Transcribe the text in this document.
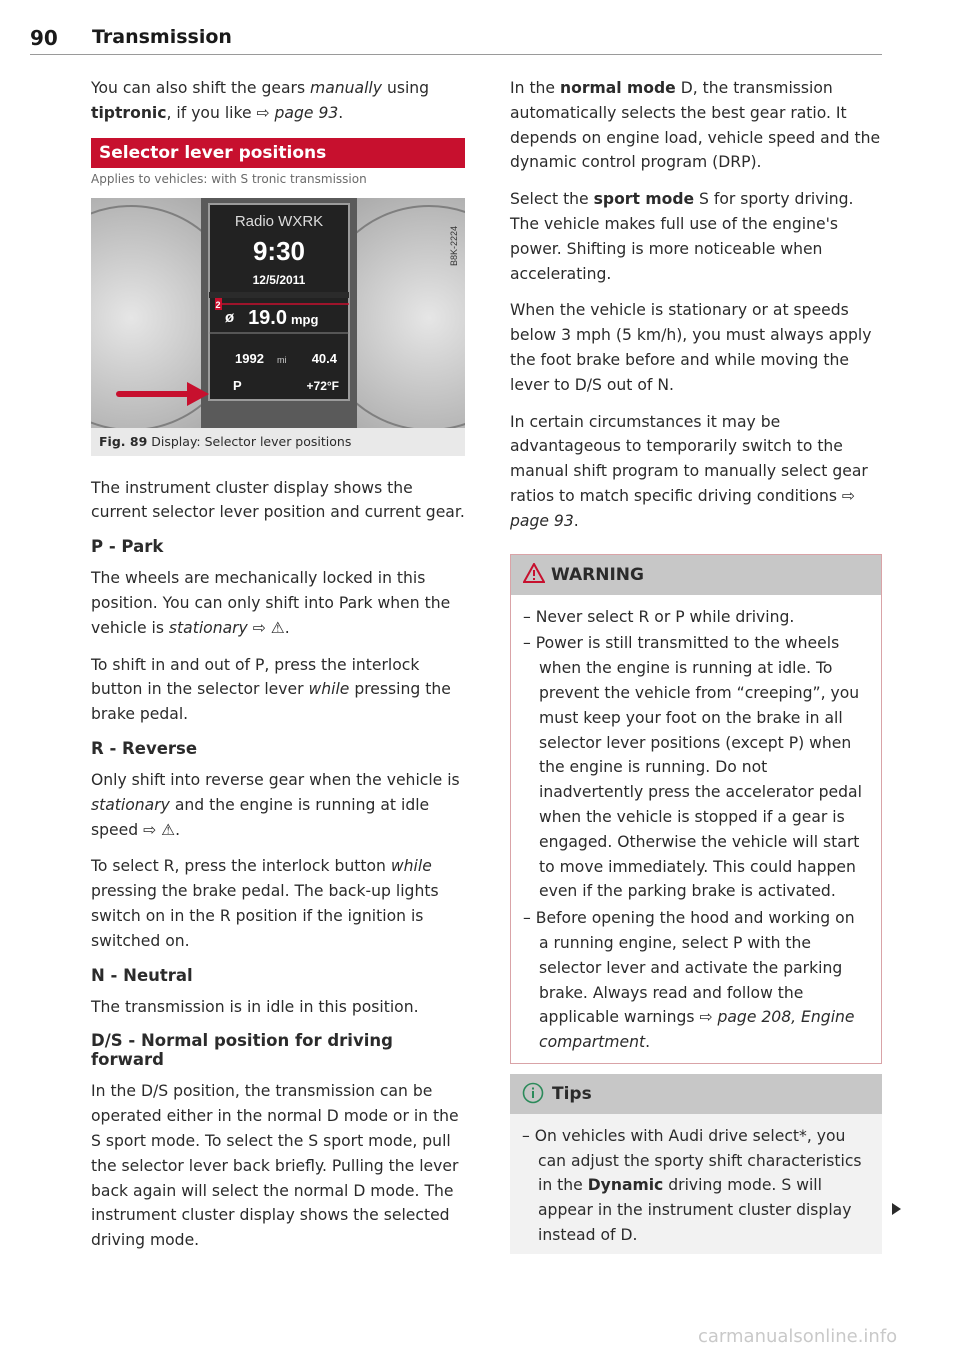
90 Transmission

You can also shift the gears manually using tiptronic, if you like ⇨ page 93.

Selector lever positions
Applies to vehicles: with S tronic transmission
Radio WXRK
9:30
12/5/2011
2
ø 19.0 mpg
1992 mi 40.4
P	+72°F
B8K-2224
Fig. 89 Display: Selector lever positions

The instrument cluster display shows the current selector lever position and current gear.

P - Park

The wheels are mechanically locked in this position. You can only shift into Park when the vehicle is stationary ⇨ ⚠.

To shift in and out of P, press the interlock button in the selector lever while pressing the brake pedal.

R - Reverse

Only shift into reverse gear when the vehicle is stationary and the engine is running at idle speed ⇨ ⚠.

To select R, press the interlock button while pressing the brake pedal. The back-up lights switch on in the R position if the ignition is switched on.

N - Neutral

The transmission is in idle in this position.

D/S - Normal position for driving forward

In the D/S position, the transmission can be operated either in the normal D mode or in the S sport mode. To select the S sport mode, pull the selector lever back briefly. Pulling the lever back again will select the normal D mode. The instrument cluster display shows the selected driving mode.

In the normal mode D, the transmission automatically selects the best gear ratio. It depends on engine load, vehicle speed and the dynamic control program (DRP).

Select the sport mode S for sporty driving. The vehicle makes full use of the engine's power. Shifting is more noticeable when accelerating.

When the vehicle is stationary or at speeds below 3 mph (5 km/h), you must always apply the foot brake before and while moving the lever to D/S out of N.

In certain circumstances it may be advantageous to temporarily switch to the manual shift program to manually select gear ratios to match specific driving conditions ⇨ page 93.

WARNING
– Never select R or P while driving.
– Power is still transmitted to the wheels when the engine is running at idle. To prevent the vehicle from “creeping”, you must keep your foot on the brake in all selector lever positions (except P) when the engine is running. Do not inadvertently press the accelerator pedal when the vehicle is stopped if a gear is engaged. Otherwise the vehicle will start to move immediately. This could happen even if the parking brake is activated.
– Before opening the hood and working on a running engine, select P with the selector lever and activate the parking brake. Always read and follow the applicable warnings ⇨ page 208, Engine compartment.
Tips
– On vehicles with Audi drive select*, you can adjust the sporty shift characteristics in the Dynamic driving mode. S will appear in the instrument cluster display instead of D.
carmanualsonline.info
